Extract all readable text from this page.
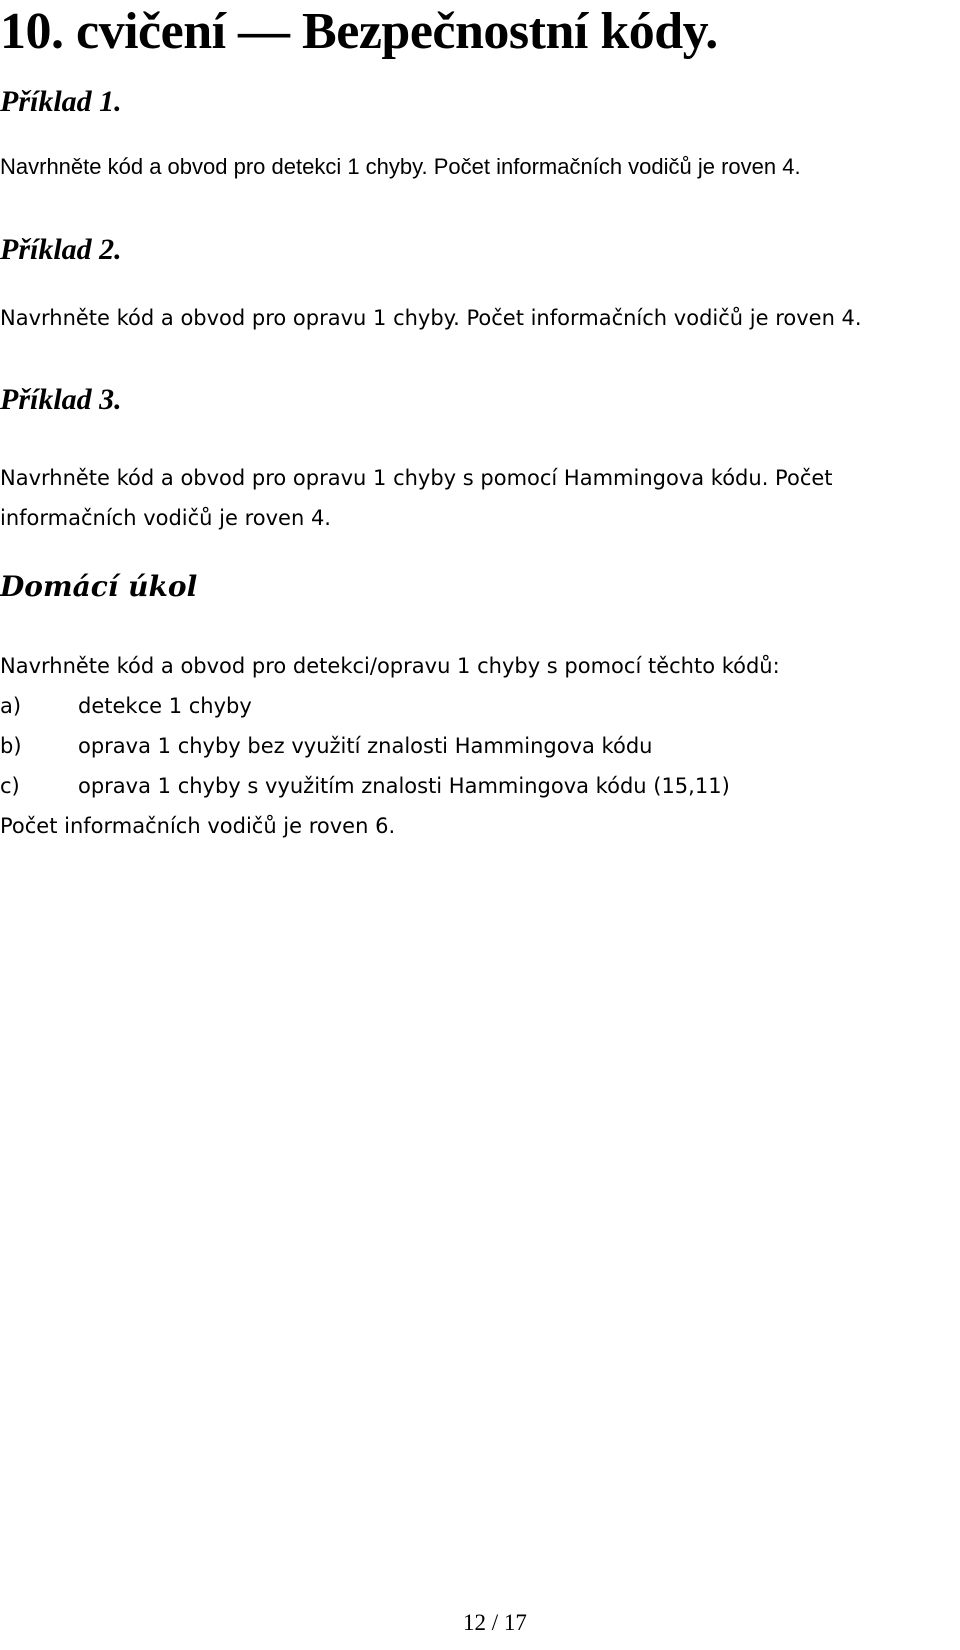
10. cvičení — Bezpečnostní kódy.
Příklad 1.
Navrhněte kód a obvod pro detekci 1 chyby. Počet informačních vodičů je roven 4.
Příklad 2.
Navrhněte kód a obvod pro opravu 1 chyby. Počet informačních vodičů je roven 4.
Příklad 3.
Navrhněte kód a obvod pro opravu 1 chyby s pomocí Hammingova kódu. Počet
informačních vodičů je roven 4.
Domácí úkol
Navrhněte kód a obvod pro detekci/opravu 1 chyby s pomocí těchto kódů:
a)	detekce 1 chyby
b)	oprava 1 chyby bez využití znalosti Hammingova kódu
c)	oprava 1 chyby s využitím znalosti Hammingova kódu (15,11)
Počet informačních vodičů je roven 6.
12 / 17
